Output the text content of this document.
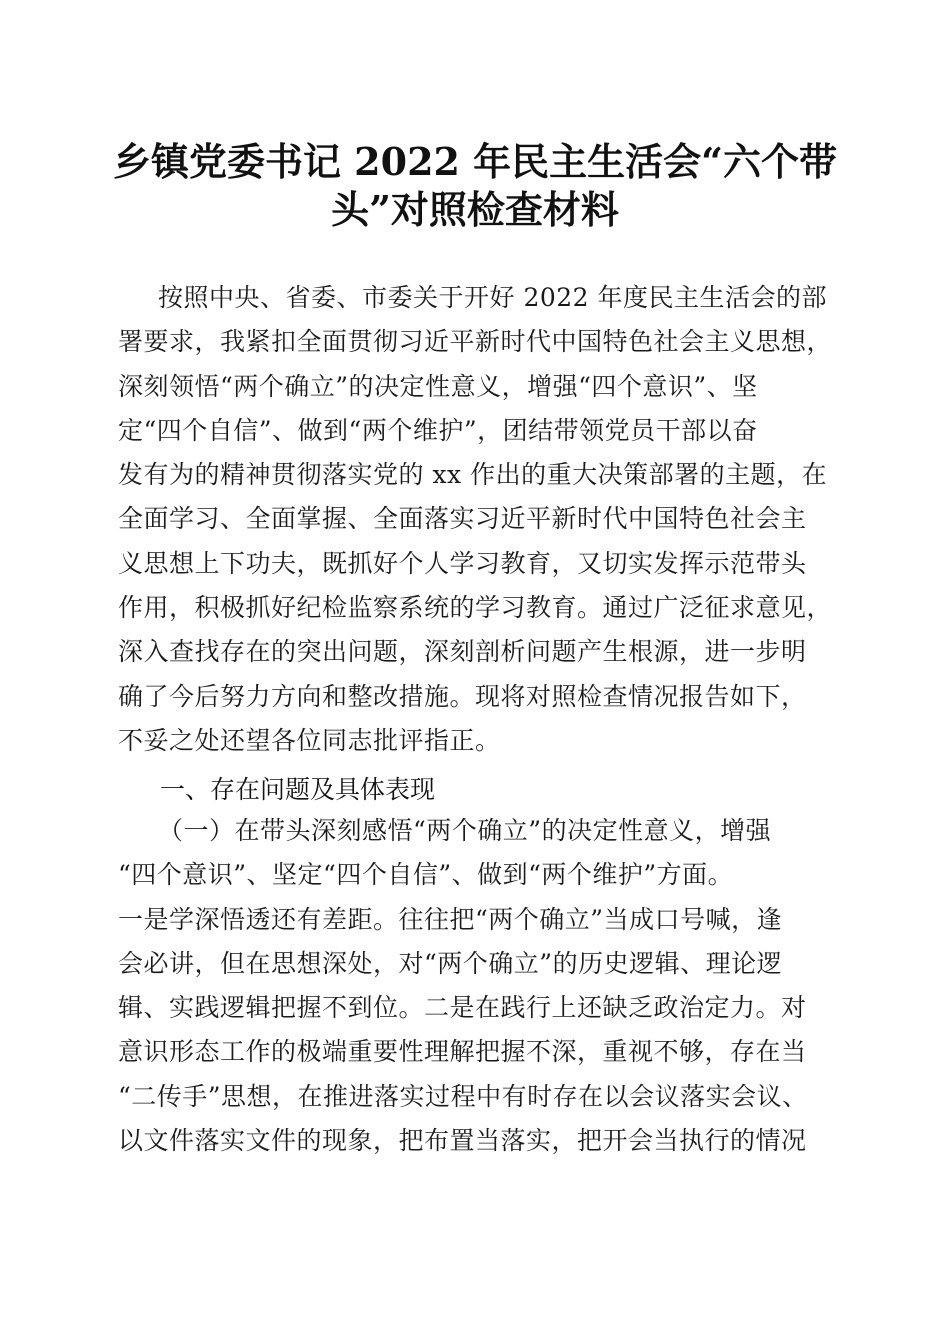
乡镇党委书记 2022 年民主生活会“六个带
头”对照检查材料
按照中央、省委、市委关于开好 2022 年度民主生活会的部
署要求，我紧扣全面贯彻习近平新时代中国特色社会主义思想，
深刻领悟“两个确立”的决定性意义，增强“四个意识”、坚
定“四个自信”、做到“两个维护”，团结带领党员干部以奋
发有为的精神贯彻落实党的 xx 作出的重大决策部署的主题，在
全面学习、全面掌握、全面落实习近平新时代中国特色社会主
义思想上下功夫，既抓好个人学习教育，又切实发挥示范带头
作用，积极抓好纪检监察系统的学习教育。通过广泛征求意见，
深入查找存在的突出问题，深刻剖析问题产生根源，进一步明
确了今后努力方向和整改措施。现将对照检查情况报告如下，
不妥之处还望各位同志批评指正。
一、存在问题及具体表现
（一）在带头深刻感悟“两个确立”的决定性意义，增强
“四个意识”、坚定“四个自信”、做到“两个维护”方面。
一是学深悟透还有差距。往往把“两个确立”当成口号喊，逢
会必讲，但在思想深处，对“两个确立”的历史逻辑、理论逻
辑、实践逻辑把握不到位。二是在践行上还缺乏政治定力。对
意识形态工作的极端重要性理解把握不深，重视不够，存在当
“二传手”思想，在推进落实过程中有时存在以会议落实会议、
以文件落实文件的现象，把布置当落实，把开会当执行的情况
